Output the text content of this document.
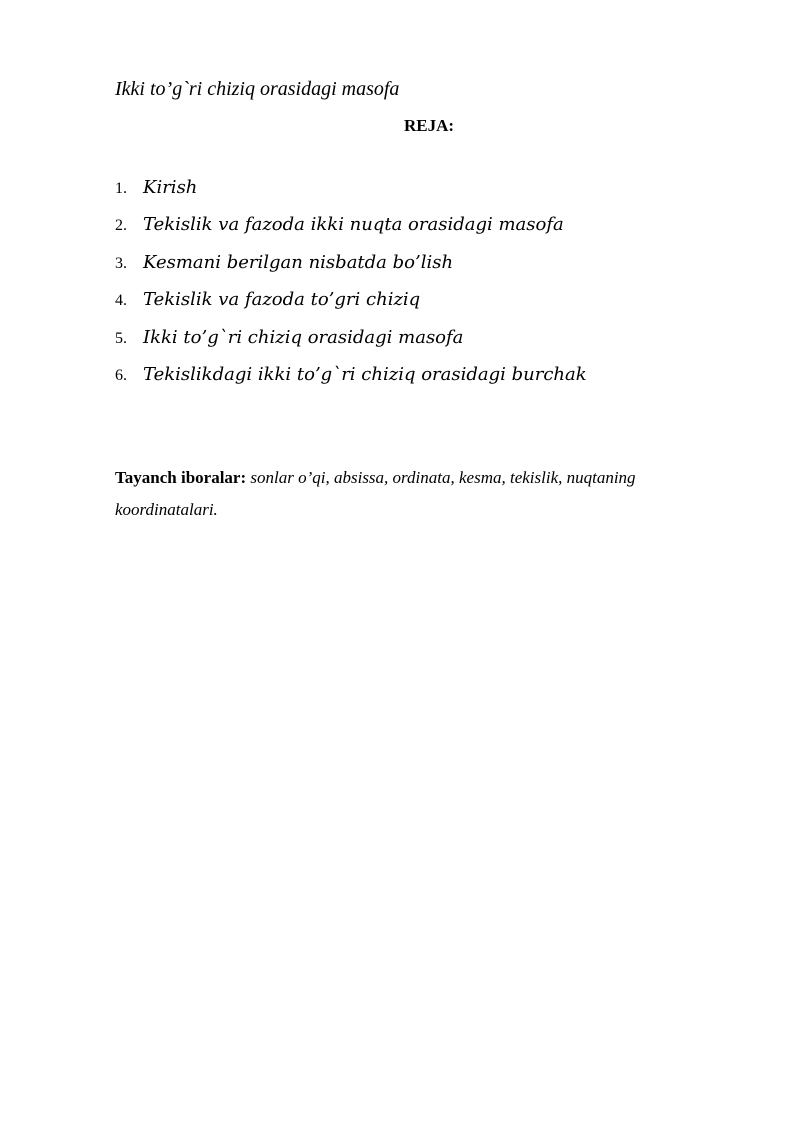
Ikki to’g`ri chiziq orasidagi masofa
REJA:
1. Kirish
2. Tekislik va fazoda ikki nuqta orasidagi masofa
3. Kesmani berilgan nisbatda bo’lish
4. Tekislik va fazoda to’gri chiziq
5. Ikki to’g`ri chiziq orasidagi masofa
6. Tekislikdagi ikki to’g`ri chiziq orasidagi burchak
Tayanch iboralar: sonlar o’qi, absissa, ordinata, kesma, tekislik, nuqtaning koordinatalari.
